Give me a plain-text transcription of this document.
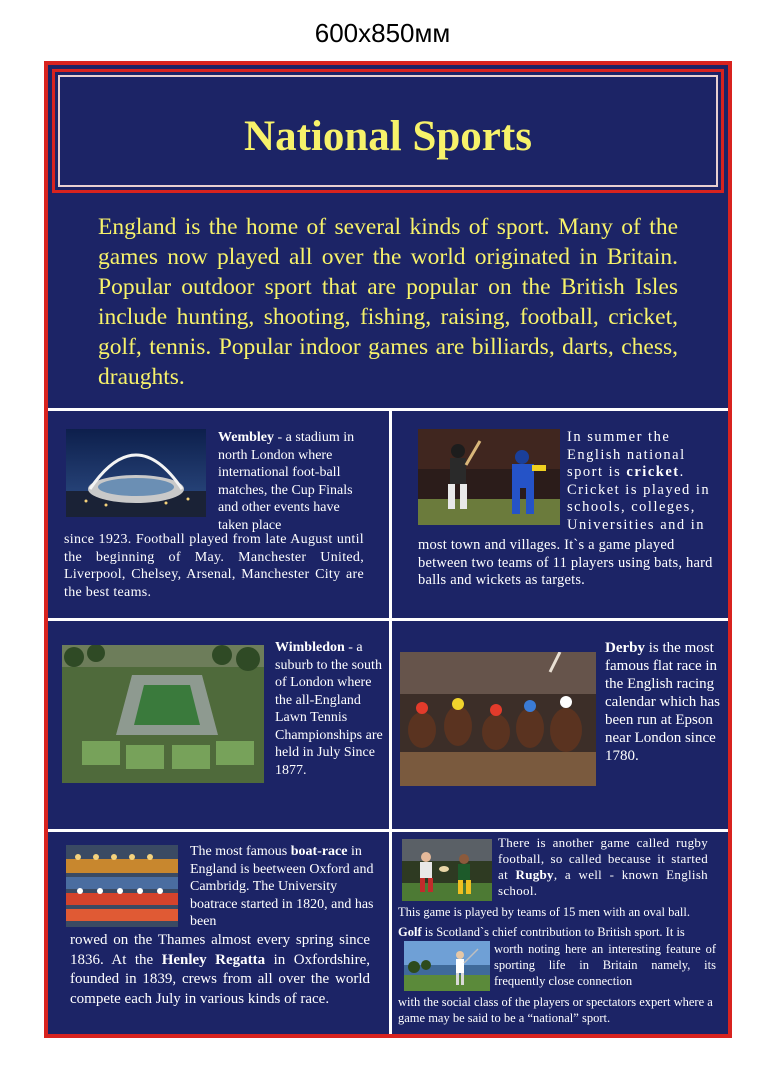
600x850мм
National Sports
England is the home of several kinds of sport. Many of the games now played all over the world originated in Britain. Popular outdoor sport that are popular on the British Isles include hunting, shooting, fishing, raising, football, cricket, golf, tennis. Popular indoor games are billiards, darts, chess, draughts.
Wembley - a stadium in north London where international foot-ball matches, the Cup Finals and other events have taken place
since 1923. Football played from late August until the beginning of May. Manchester United, Liverpool, Chelsey, Arsenal, Manchester City are the best teams.
In summer the English national sport is cricket. Cricket is played in schools, colleges, Universities and in
most town and villages. It`s a game played between two teams of 11 players using bats, hard balls and wickets as targets.
Wimbledon - a suburb to the south of London where the all-England Lawn Tennis Championships are held in July Since 1877.
Derby is the most famous flat race in the English racing calendar which has been run at Epson near London since 1780.
The most famous boat-race in England is beetween Oxford and Cambridg. The University boatrace started in 1820, and has been
rowed on the Thames almost every spring since 1836. At the Henley Regatta in Oxfordshire, founded in 1839, crews from all over the world compete each July in various kinds of race.
There is another game called rugby football, so called because it started at Rugby, a well - known English school.
This game is played by teams of 15 men with an oval ball.
Golf is Scotland`s chief contribution to British sport. It is
worth noting here an interesting feature of sporting life in Britain namely, its frequently close connection
with the social class of the players or spectators expert where a game may be said to be a “national” sport.
